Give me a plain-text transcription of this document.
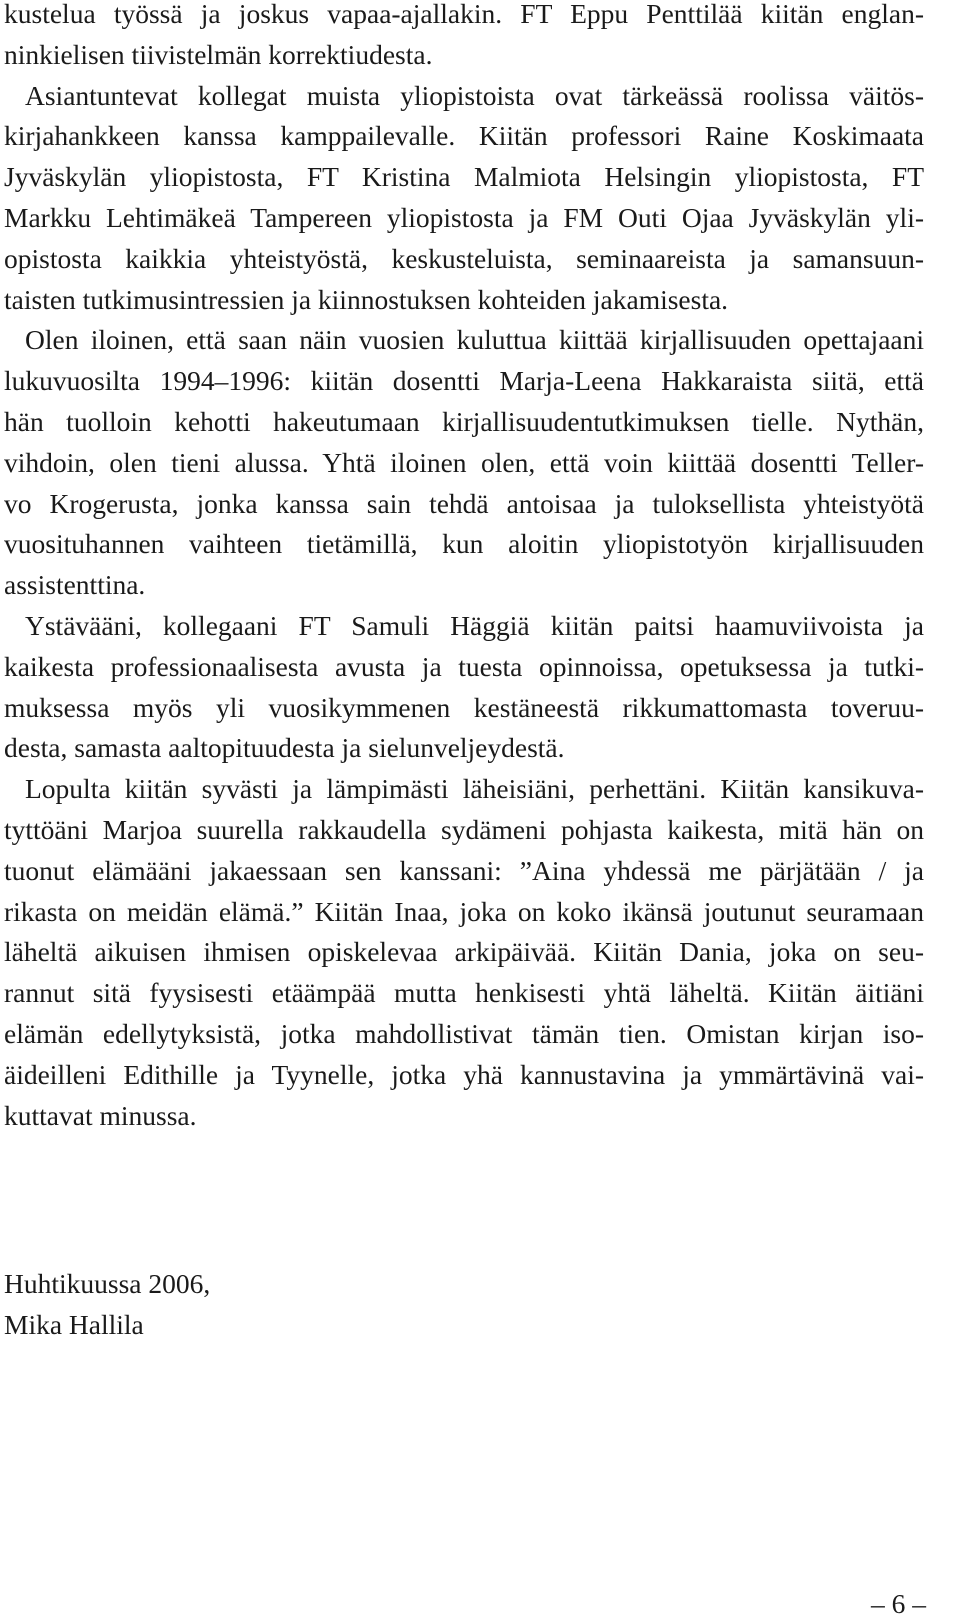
kustelua työssä ja joskus vapaa-ajallakin. FT Eppu Penttilää kiitän englan-
ninkielisen tiivistelmän korrektiudesta.
Asiantuntevat kollegat muista yliopistoista ovat tärkeässä roolissa väitös-
kirjahankkeen kanssa kamppailevalle. Kiitän professori Raine Koskimaata
Jyväskylän yliopistosta, FT Kristina Malmiota Helsingin yliopistosta, FT
Markku Lehtimäkeä Tampereen yliopistosta ja FM Outi Ojaa Jyväskylän yli-
opistosta kaikkia yhteistyöstä, keskusteluista, seminaareista ja samansuun-
taisten tutkimusintressien ja kiinnostuksen kohteiden jakamisesta.
Olen iloinen, että saan näin vuosien kuluttua kiittää kirjallisuuden opettajaani
lukuvuosilta 1994–1996: kiitän dosentti Marja-Leena Hakkaraista siitä, että
hän tuolloin kehotti hakeutumaan kirjallisuudentutkimuksen tielle. Nythän,
vihdoin, olen tieni alussa. Yhtä iloinen olen, että voin kiittää dosentti Teller-
vo Krogerusta, jonka kanssa sain tehdä antoisaa ja tuloksellista yhteistyötä
vuosituhannen vaihteen tietämillä, kun aloitin yliopistotyön kirjallisuuden
assistenttina.
Ystävääni, kollegaani FT Samuli Häggiä kiitän paitsi haamuviivoista ja
kaikesta professionaalisesta avusta ja tuesta opinnoissa, opetuksessa ja tutki-
muksessa myös yli vuosikymmenen kestäneestä rikkumattomasta toveruu-
desta, samasta aaltopituudesta ja sielunveljeydestä.
Lopulta kiitän syvästi ja lämpimästi läheisiäni, perhettäni. Kiitän kansikuva-
tyttöäni Marjoa suurella rakkaudella sydämeni pohjasta kaikesta, mitä hän on
tuonut elämääni jakaessaan sen kanssani: ”Aina yhdessä me pärjätään / ja
rikasta on meidän elämä.” Kiitän Inaa, joka on koko ikänsä joutunut seuramaan
läheltä aikuisen ihmisen opiskelevaa arkipäivää. Kiitän Dania, joka on seu-
rannut sitä fyysisesti etäämpää mutta henkisesti yhtä läheltä. Kiitän äitiäni
elämän edellytyksistä, jotka mahdollistivat tämän tien. Omistan kirjan iso-
äideilleni Edithille ja Tyynelle, jotka yhä kannustavina ja ymmärtävinä vai-
kuttavat minussa.
Huhtikuussa 2006,
Mika Hallila
– 6 –
